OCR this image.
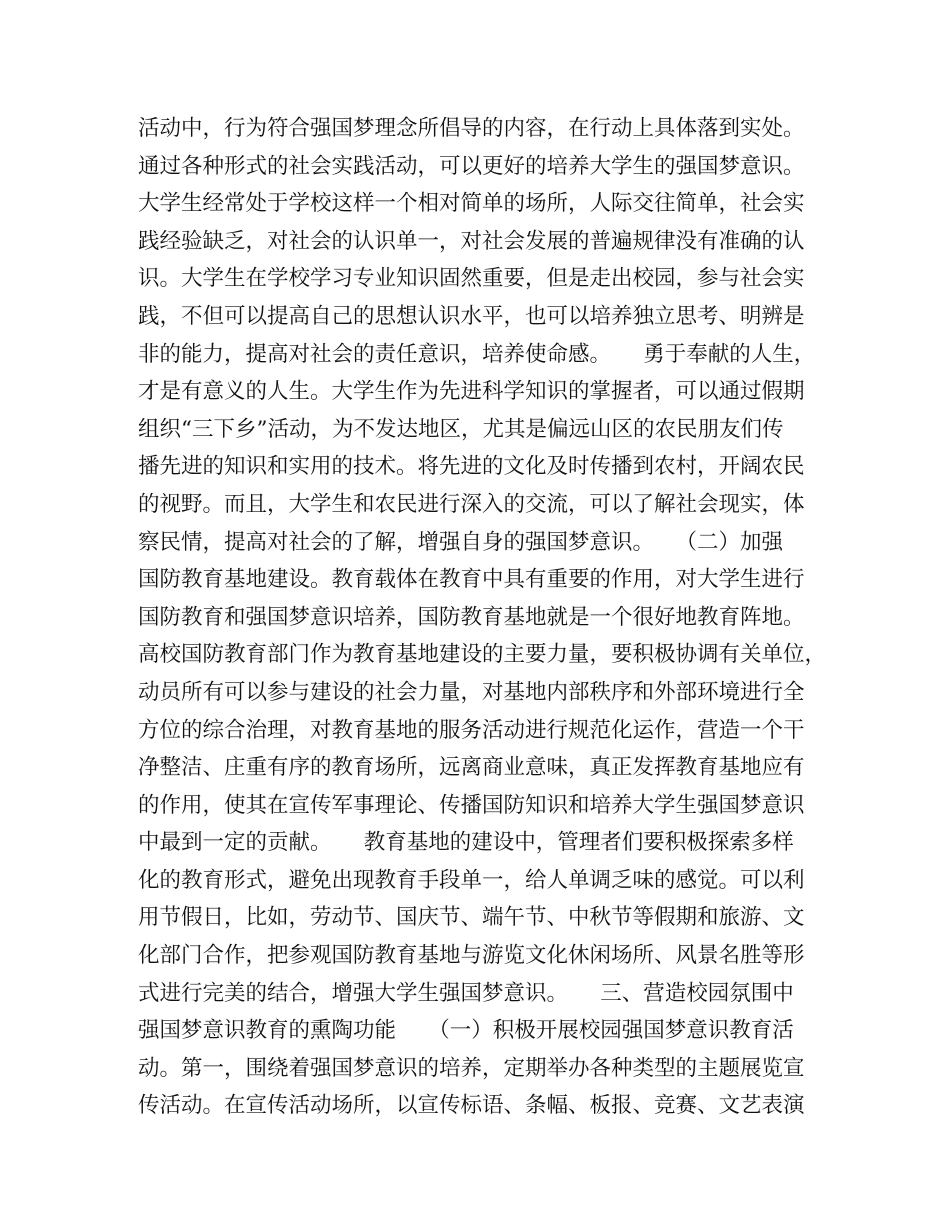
活动中，行为符合强国梦理念所倡导的内容，在行动上具体落到实处。
通过各种形式的社会实践活动，可以更好的培养大学生的强国梦意识。
大学生经常处于学校这样一个相对简单的场所，人际交往简单，社会实
践经验缺乏，对社会的认识单一，对社会发展的普遍规律没有准确的认
识。大学生在学校学习专业知识固然重要，但是走出校园，参与社会实
践，不但可以提高自己的思想认识水平，也可以培养独立思考、明辨是
非的能力，提高对社会的责任意识，培养使命感。　　勇于奉献的人生，
才是有意义的人生。大学生作为先进科学知识的掌握者，可以通过假期
组织“三下乡”活动，为不发达地区，尤其是偏远山区的农民朋友们传
播先进的知识和实用的技术。将先进的文化及时传播到农村，开阔农民
的视野。而且，大学生和农民进行深入的交流，可以了解社会现实，体
察民情，提高对社会的了解，增强自身的强国梦意识。　　（二）加强
国防教育基地建设。教育载体在教育中具有重要的作用，对大学生进行
国防教育和强国梦意识培养，国防教育基地就是一个很好地教育阵地。
高校国防教育部门作为教育基地建设的主要力量，要积极协调有关单位，
动员所有可以参与建设的社会力量，对基地内部秩序和外部环境进行全
方位的综合治理，对教育基地的服务活动进行规范化运作，营造一个干
净整洁、庄重有序的教育场所，远离商业意味，真正发挥教育基地应有
的作用，使其在宣传军事理论、传播国防知识和培养大学生强国梦意识
中最到一定的贡献。　　教育基地的建设中，管理者们要积极探索多样
化的教育形式，避免出现教育手段单一，给人单调乏味的感觉。可以利
用节假日，比如，劳动节、国庆节、端午节、中秋节等假期和旅游、文
化部门合作，把参观国防教育基地与游览文化休闲场所、风景名胜等形
式进行完美的结合，增强大学生强国梦意识。　　三、营造校园氛围中
强国梦意识教育的熏陶功能　　（一）积极开展校园强国梦意识教育活
动。第一，围绕着强国梦意识的培养，定期举办各种类型的主题展览宣
传活动。在宣传活动场所，以宣传标语、条幅、板报、竞赛、文艺表演
